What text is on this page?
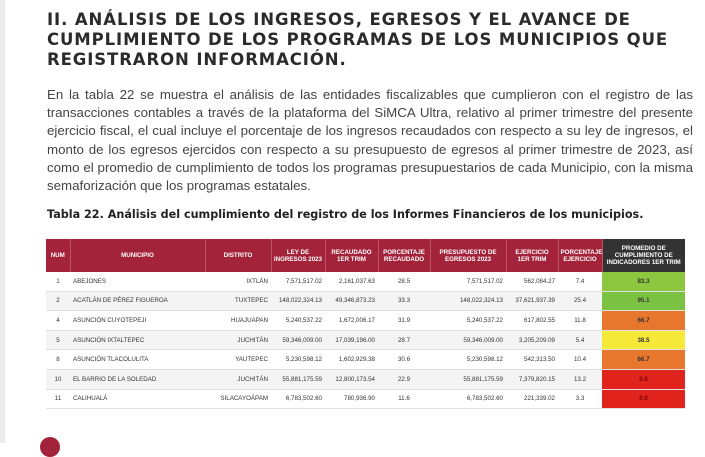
II. ANÁLISIS DE LOS INGRESOS, EGRESOS Y EL AVANCE DE CUMPLIMIENTO DE LOS PROGRAMAS DE LOS MUNICIPIOS QUE REGISTRARON INFORMACIÓN.

En la tabla 22 se muestra el análisis de las entidades fiscalizables que cumplieron con el registro de las transacciones contables a través de la plataforma del SiMCA Ultra, relativo al primer trimestre del presente ejercicio fiscal, el cual incluye el porcentaje de los ingresos recaudados con respecto a su ley de ingresos, el monto de los egresos ejercidos con respecto a su presupuesto de egresos al primer trimestre de 2023, así como el promedio de cumplimiento de todos los programas presupuestarios de cada Municipio, con la misma semaforización que los programas estatales.

Tabla 22. Análisis del cumplimiento del registro de los Informes Financieros de los municipios.

NUM	MUNICIPIO	DISTRITO	LEY DE INGRESOS 2023	RECAUDADO 1ER TRIM	PORCENTAJE RECAUDADO	PRESUPUESTO DE EGRESOS 2023	EJERCICIO 1ER TRIM	PORCENTAJE EJERCICIO	PROMEDIO DE CUMPLIMIENTO DE INDICADORES 1ER TRIM
1	ABEJONES	IXTLÁN	7,571,517.02	2,161,037.63	28.5	7,571,517.02	562,084.27	7.4	83.3
2	ACATLÁN DE PÉREZ FIGUEROA	TUXTEPEC	148,022,324.13	49,346,873.23	33.3	148,022,324.13	37,621,937.39	25.4	95.1
4	ASUNCIÓN CUYOTEPEJI	HUAJUAPAN	5,240,537.22	1,672,006.17	31.9	5,240,537.22	617,802.55	11.8	66.7
5	ASUNCIÓN IXTALTEPEC	JUCHITÁN	59,346,009.00	17,039,196.00	28.7	59,346,009.00	3,205,209.09	5.4	38.5
8	ASUNCIÓN TLACOLULITA	YAUTEPEC	5,230,598.12	1,602,929.38	30.6	5,230,598.12	542,313.50	10.4	66.7
10	EL BARRIO DE LA SOLEDAD	JUCHITÁN	55,881,175.59	12,800,173.54	22.9	55,881,175.59	7,379,820.15	13.2	0.0
11	CALIHUALÁ	SILACAYOÁPAM	6,783,502.60	780,936.90	11.6	6,783,502.60	221,339.02	3.3	0.0
